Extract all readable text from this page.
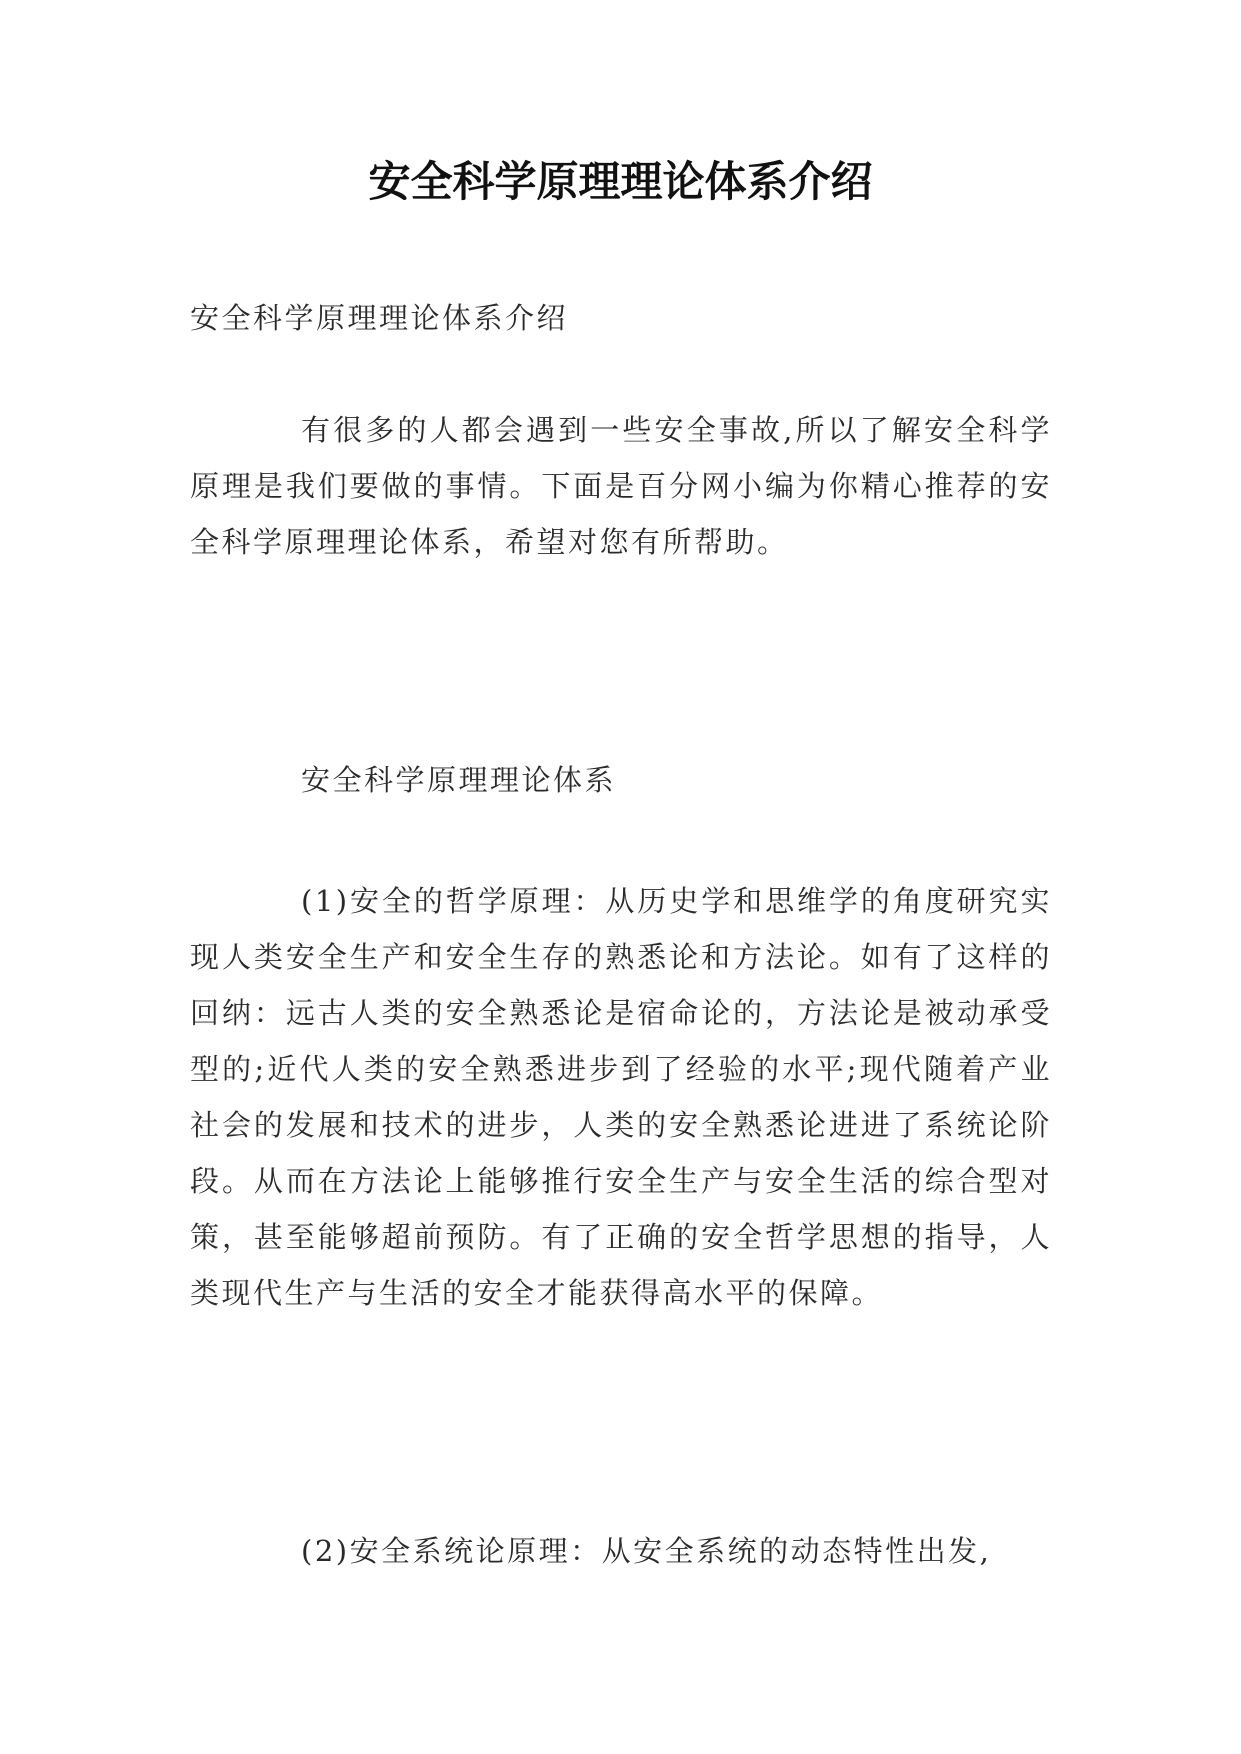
安全科学原理理论体系介绍

安全科学原理理论体系介绍

有很多的人都会遇到一些安全事故,所以了解安全科学原理是我们要做的事情。下面是百分网小编为你精心推荐的安全科学原理理论体系，希望对您有所帮助。

安全科学原理理论体系

(1)安全的哲学原理：从历史学和思维学的角度研究实现人类安全生产和安全生存的熟悉论和方法论。如有了这样的回纳：远古人类的安全熟悉论是宿命论的，方法论是被动承受型的;近代人类的安全熟悉进步到了经验的水平;现代随着产业社会的发展和技术的进步，人类的安全熟悉论进进了系统论阶段。从而在方法论上能够推行安全生产与安全生活的综合型对策，甚至能够超前预防。有了正确的安全哲学思想的指导，人类现代生产与生活的安全才能获得高水平的保障。

(2)安全系统论原理：从安全系统的动态特性出发,
